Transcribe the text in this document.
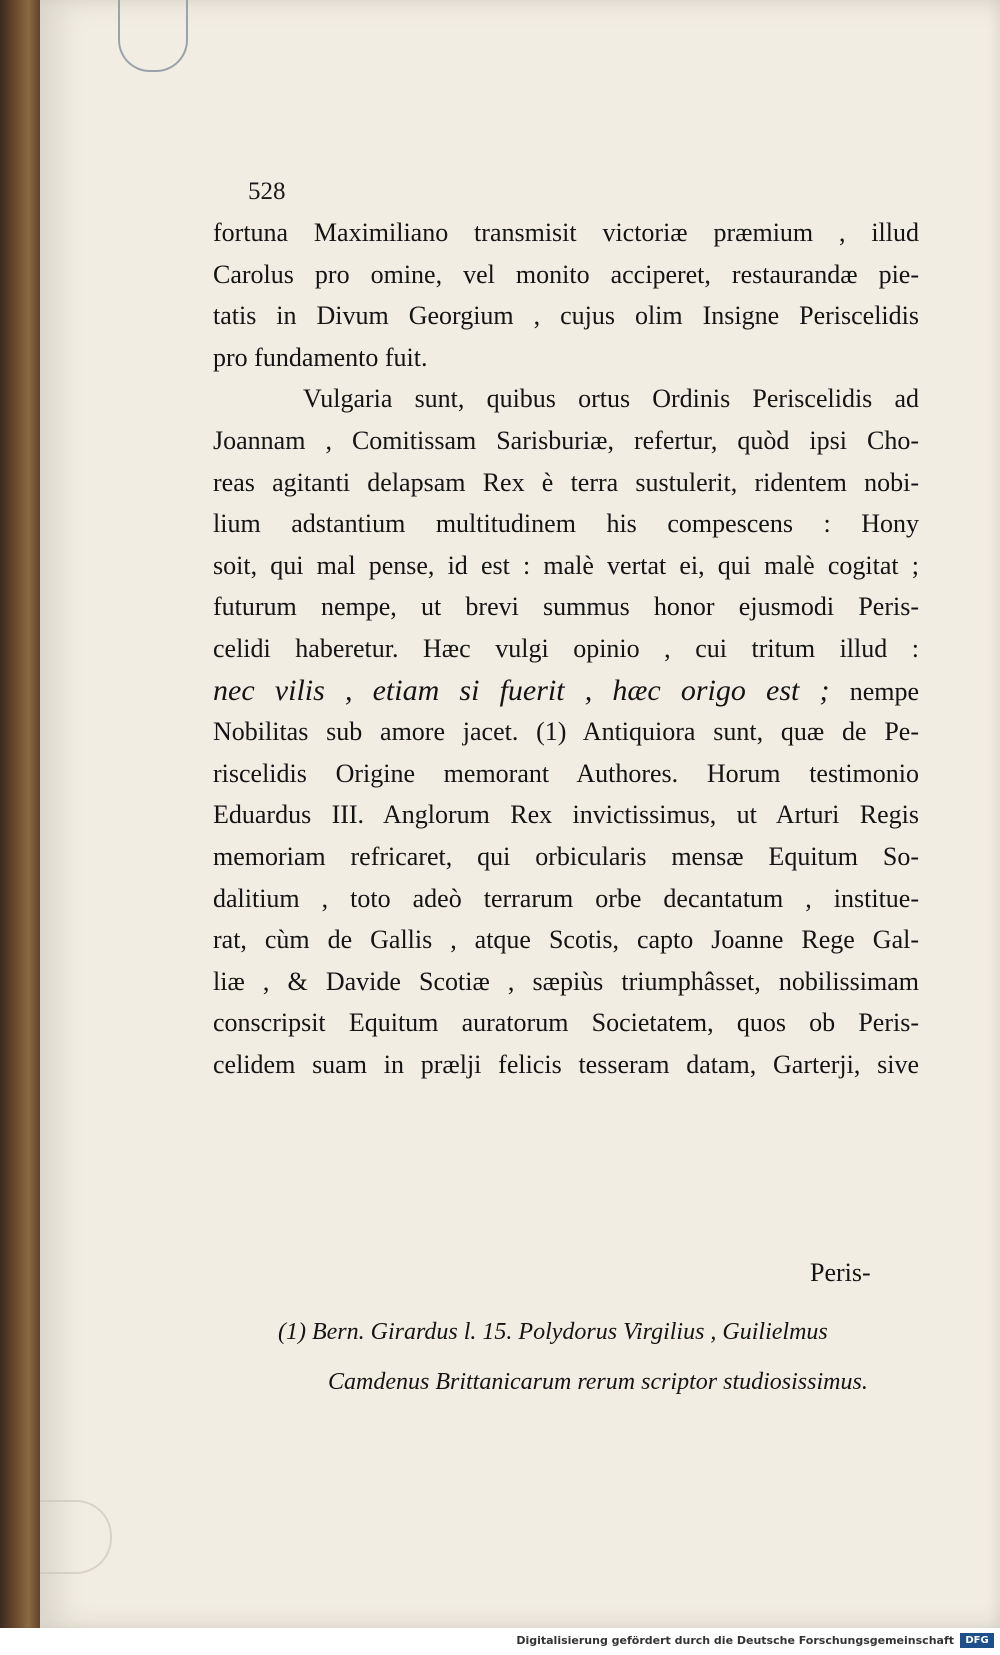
528
fortuna Maximiliano transmisit victoriæ præmium , illud
Carolus pro omine, vel monito acciperet, restaurandæ pie-
tatis in Divum Georgium , cujus olim Insigne Periscelidis
pro fundamento fuit.
Vulgaria sunt, quibus ortus Ordinis Periscelidis ad
Joannam , Comitissam Sarisburiæ, refertur, quòd ipsi Cho-
reas agitanti delapsam Rex è terra sustulerit, ridentem nobi-
lium adstantium multitudinem his compescens : Hony
soit, qui mal pense, id est : malè vertat ei, qui malè cogitat ;
futurum nempe, ut brevi summus honor ejusmodi Peris-
celidi haberetur. Hæc vulgi opinio , cui tritum illud :
nec vilis , etiam si fuerit , hæc origo est ; nempe
Nobilitas sub amore jacet. (1) Antiquiora sunt, quæ de Pe-
riscelidis Origine memorant Authores. Horum testimonio
Eduardus III. Anglorum Rex invictissimus, ut Arturi Regis
memoriam refricaret, qui orbicularis mensæ Equitum So-
dalitium , toto adeò terrarum orbe decantatum , institue-
rat, cùm de Gallis , atque Scotis, capto Joanne Rege Gal-
liæ , & Davide Scotiæ , sæpiùs triumphâsset, nobilissimam
conscripsit Equitum auratorum Societatem, quos ob Peris-
celidem suam in prælji felicis tesseram datam, Garterji, sive
Peris-
(1) Bern. Girardus l. 15. Polydorus Virgilius , Guilielmus
Camdenus Brittanicarum rerum scriptor studiosissimus.
Digitalisierung gefördert durch die Deutsche Forschungsgemeinschaft	DFG
